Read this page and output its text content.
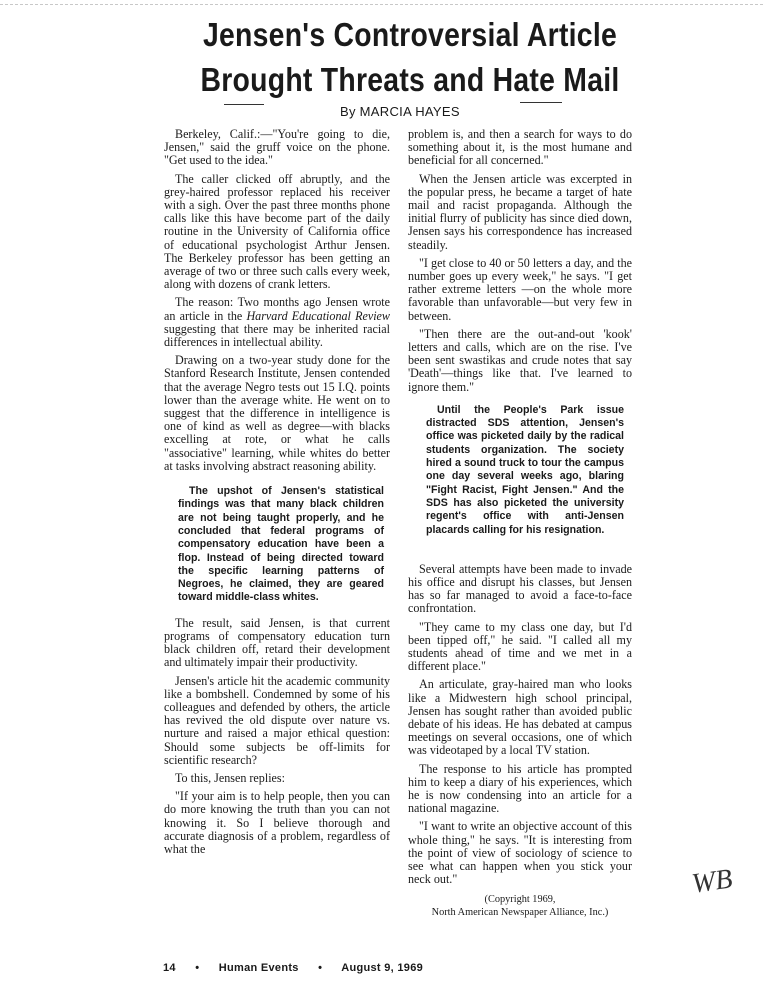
Jensen's Controversial Article
Brought Threats and Hate Mail
By MARCIA HAYES

Berkeley, Calif.:—"You're going to die, Jensen," said the gruff voice on the phone. "Get used to the idea."

The caller clicked off abruptly, and the grey-haired professor replaced his receiver with a sigh. Over the past three months phone calls like this have become part of the daily routine in the University of California office of educational psychologist Arthur Jensen. The Berkeley professor has been getting an average of two or three such calls every week, along with dozens of crank letters.

The reason: Two months ago Jensen wrote an article in the Harvard Educational Review suggesting that there may be inherited racial differences in intellectual ability.

Drawing on a two-year study done for the Stanford Research Institute, Jensen contended that the average Negro tests out 15 I.Q. points lower than the average white. He went on to suggest that the difference in intelligence is one of kind as well as degree—with blacks excelling at rote, or what he calls "associative" learning, while whites do better at tasks involving abstract reasoning ability.

The upshot of Jensen's statistical findings was that many black children are not being taught properly, and he concluded that federal programs of compensatory education have been a flop. Instead of being directed toward the specific learning patterns of Negroes, he claimed, they are geared toward middle-class whites.

The result, said Jensen, is that current programs of compensatory education turn black children off, retard their development and ultimately impair their productivity.

Jensen's article hit the academic community like a bombshell. Condemned by some of his colleagues and defended by others, the article has revived the old dispute over nature vs. nurture and raised a major ethical question: Should some subjects be off-limits for scientific research?

To this, Jensen replies:

"If your aim is to help people, then you can do more knowing the truth than you can not knowing it. So I believe thorough and accurate diagnosis of a problem, regardless of what the

problem is, and then a search for ways to do something about it, is the most humane and beneficial for all concerned."

When the Jensen article was excerpted in the popular press, he became a target of hate mail and racist propaganda. Although the initial flurry of publicity has since died down, Jensen says his correspondence has increased steadily.

"I get close to 40 or 50 letters a day, and the number goes up every week," he says. "I get rather extreme letters —on the whole more favorable than unfavorable—but very few in between.

"Then there are the out-and-out 'kook' letters and calls, which are on the rise. I've been sent swastikas and crude notes that say 'Death'—things like that. I've learned to ignore them."

Until the People's Park issue distracted SDS attention, Jensen's office was picketed daily by the radical students organization. The society hired a sound truck to tour the campus one day several weeks ago, blaring "Fight Racist, Fight Jensen." And the SDS has also picketed the university regent's office with anti-Jensen placards calling for his resignation.

Several attempts have been made to invade his office and disrupt his classes, but Jensen has so far managed to avoid a face-to-face confrontation.

"They came to my class one day, but I'd been tipped off," he said. "I called all my students ahead of time and we met in a different place."

An articulate, gray-haired man who looks like a Midwestern high school principal, Jensen has sought rather than avoided public debate of his ideas. He has debated at campus meetings on several occasions, one of which was videotaped by a local TV station.

The response to his article has prompted him to keep a diary of his experiences, which he is now condensing into an article for a national magazine.

"I want to write an objective account of this whole thing," he says. "It is interesting from the point of view of sociology of science to see what can happen when you stick your neck out."

(Copyright 1969,
North American Newspaper Alliance, Inc.)
14 • Human Events • August 9, 1969
WB
